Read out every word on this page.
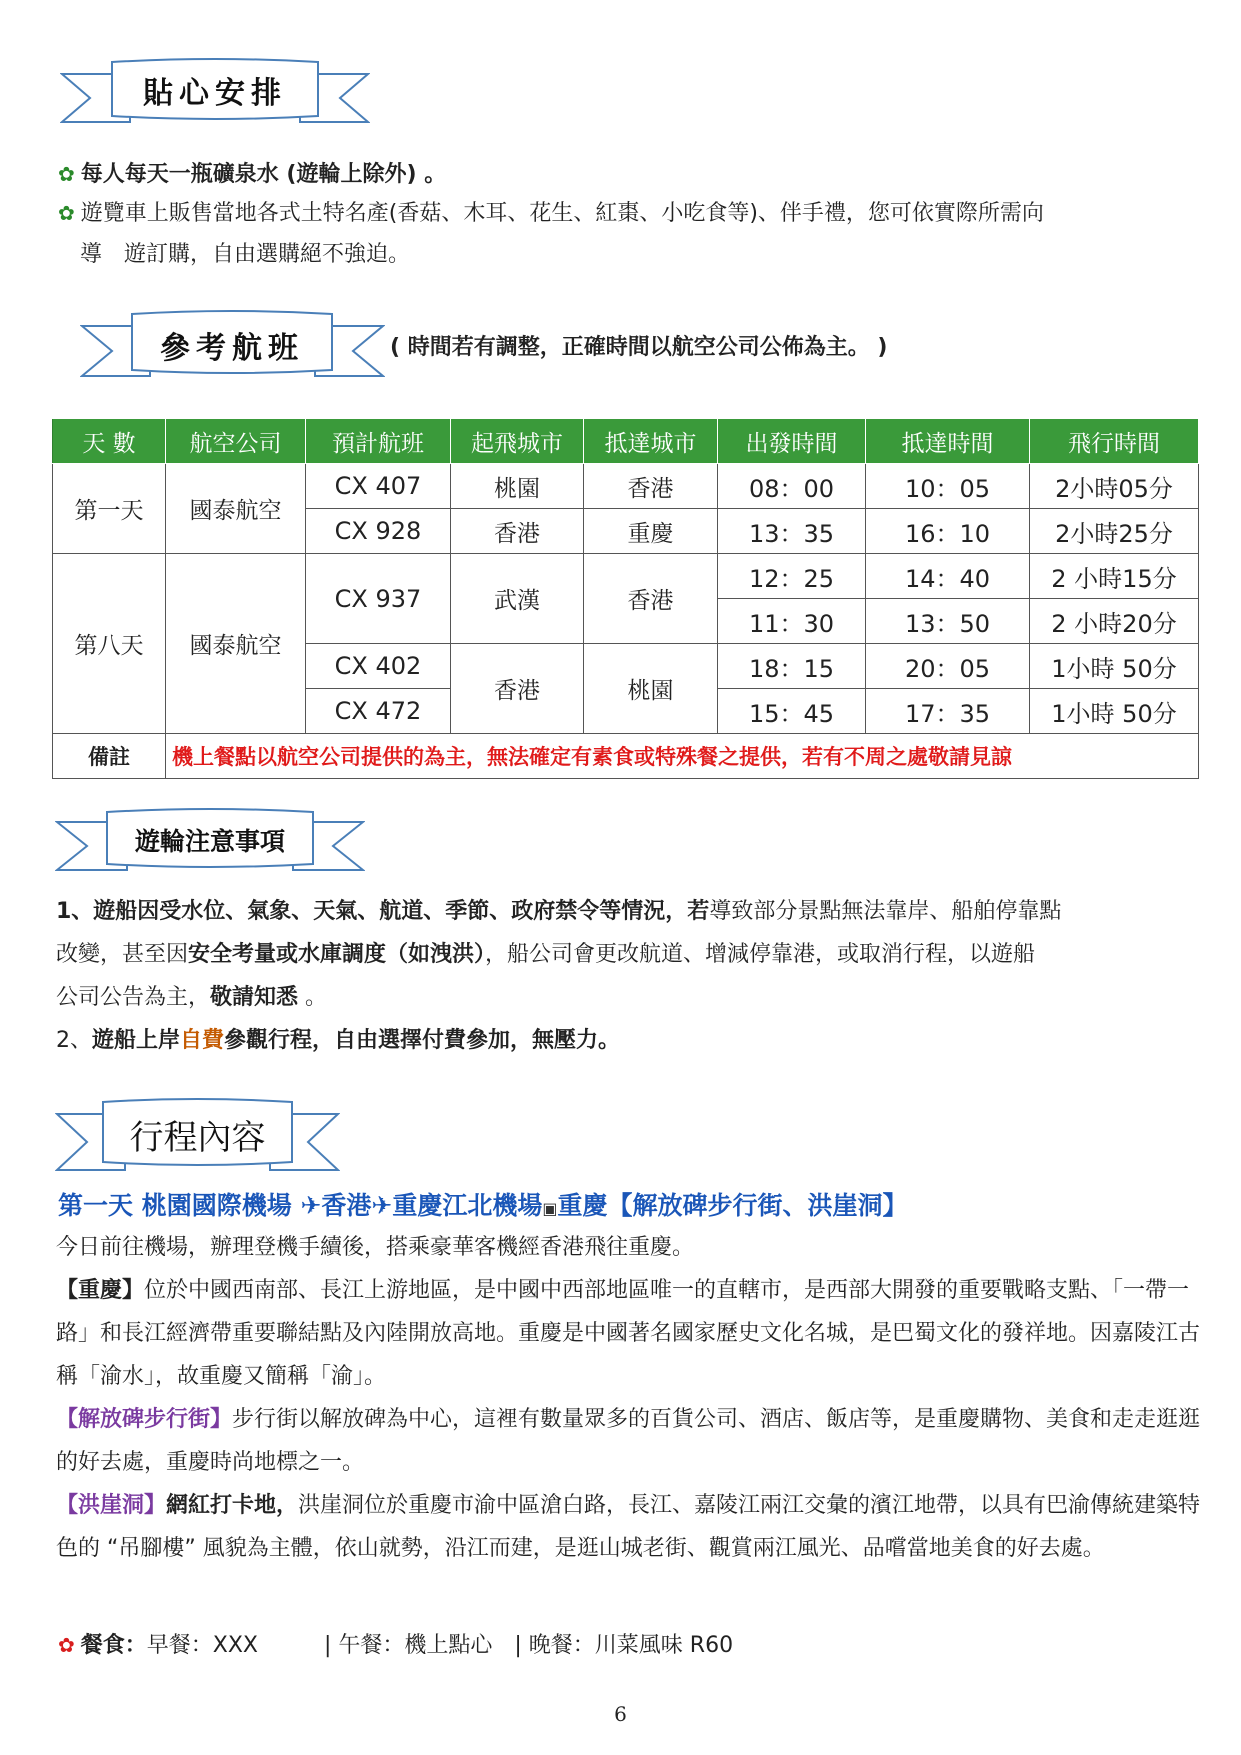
貼心安排
✿ 每人每天一瓶礦泉水 (遊輪上除外) 。
✿ 遊覽車上販售當地各式土特名產(香菇、木耳、花生、紅棗、小吃食等)、伴手禮，您可依實際所需向
導　遊訂購，自由選購絕不強迫。
參考航班	( 時間若有調整，正確時間以航空公司公佈為主。 )
天 數	航空公司	預計航班	起飛城市	抵達城市	出發時間	抵達時間	飛行時間
第一天	國泰航空	CX 407	桃園	香港	08：00	10：05	2小時05分
		CX 928	香港	重慶	13：35	16：10	2小時25分
第八天	國泰航空	CX 937	武漢	香港	12：25	14：40	2 小時15分
					11：30	13：50	2 小時20分
		CX 402	香港	桃園	18：15	20：05	1小時 50分
		CX 472			15：45	17：35	1小時 50分
備註	機上餐點以航空公司提供的為主，無法確定有素食或特殊餐之提供，若有不周之處敬請見諒						
遊輪注意事項
1、遊船因受水位、氣象、天氣、航道、季節、政府禁令等情況，若導致部分景點無法靠岸、船舶停靠點
改變，甚至因安全考量或水庫調度（如洩洪），船公司會更改航道、增減停靠港，或取消行程，以遊船
公司公告為主，敬請知悉 。
2、遊船上岸自費參觀行程，自由選擇付費參加，無壓力。
行程內容
第一天 桃園國際機場 ✈香港✈重慶江北機場▣重慶【解放碑步行街、洪崖洞】
今日前往機場，辦理登機手續後，搭乘豪華客機經香港飛往重慶。
【重慶】位於中國西南部、長江上游地區，是中國中西部地區唯一的直轄市，是西部大開發的重要戰略支點、「一帶一路」和長江經濟帶重要聯結點及內陸開放高地。重慶是中國著名國家歷史文化名城，是巴蜀文化的發祥地。因嘉陵江古稱「渝水」，故重慶又簡稱「渝」。
【解放碑步行街】步行街以解放碑為中心，這裡有數量眾多的百貨公司、酒店、飯店等，是重慶購物、美食和走走逛逛的好去處，重慶時尚地標之一。
【洪崖洞】網紅打卡地，洪崖洞位於重慶市渝中區滄白路，長江、嘉陵江兩江交彙的濱江地帶，以具有巴渝傳統建築特色的 “吊腳樓” 風貌為主體，依山就勢，沿江而建，是逛山城老街、觀賞兩江風光、品嚐當地美食的好去處。
✿ 餐食：早餐：XXX　　　| 午餐：機上點心　| 晚餐：川菜風味 R60
6
